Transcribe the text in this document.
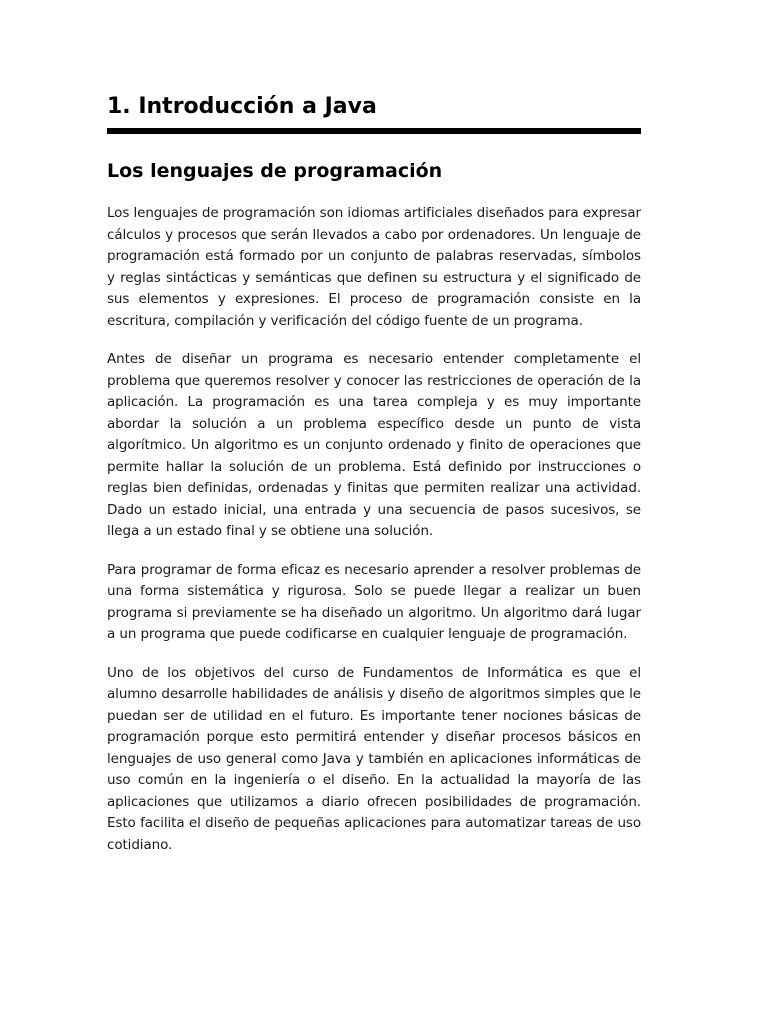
1. Introducción a Java
Los lenguajes de programación

Los lenguajes de programación son idiomas artificiales diseñados para expresar cálculos y procesos que serán llevados a cabo por ordenadores. Un lenguaje de programación está formado por un conjunto de palabras reservadas, símbolos y reglas sintácticas y semánticas que definen su estructura y el significado de sus elementos y expresiones. El proceso de programación consiste en la escritura, compilación y verificación del código fuente de un programa.

Antes de diseñar un programa es necesario entender completamente el problema que queremos resolver y conocer las restricciones de operación de la aplicación. La programación es una tarea compleja y es muy importante abordar la solución a un problema específico desde un punto de vista algorítmico. Un algoritmo es un conjunto ordenado y finito de operaciones que permite hallar la solución de un problema. Está definido por instrucciones o reglas bien definidas, ordenadas y finitas que permiten realizar una actividad. Dado un estado inicial, una entrada y una secuencia de pasos sucesivos, se llega a un estado final y se obtiene una solución.

Para programar de forma eficaz es necesario aprender a resolver problemas de una forma sistemática y rigurosa. Solo se puede llegar a realizar un buen programa si previamente se ha diseñado un algoritmo. Un algoritmo dará lugar a un programa que puede codificarse en cualquier lenguaje de programación.

Uno de los objetivos del curso de Fundamentos de Informática es que el alumno desarrolle habilidades de análisis y diseño de algoritmos simples que le puedan ser de utilidad en el futuro. Es importante tener nociones básicas de programación porque esto permitirá entender y diseñar procesos básicos en lenguajes de uso general como Java y también en aplicaciones informáticas de uso común en la ingeniería o el diseño. En la actualidad la mayoría de las aplicaciones que utilizamos a diario ofrecen posibilidades de programación. Esto facilita el diseño de pequeñas aplicaciones para automatizar tareas de uso cotidiano.
